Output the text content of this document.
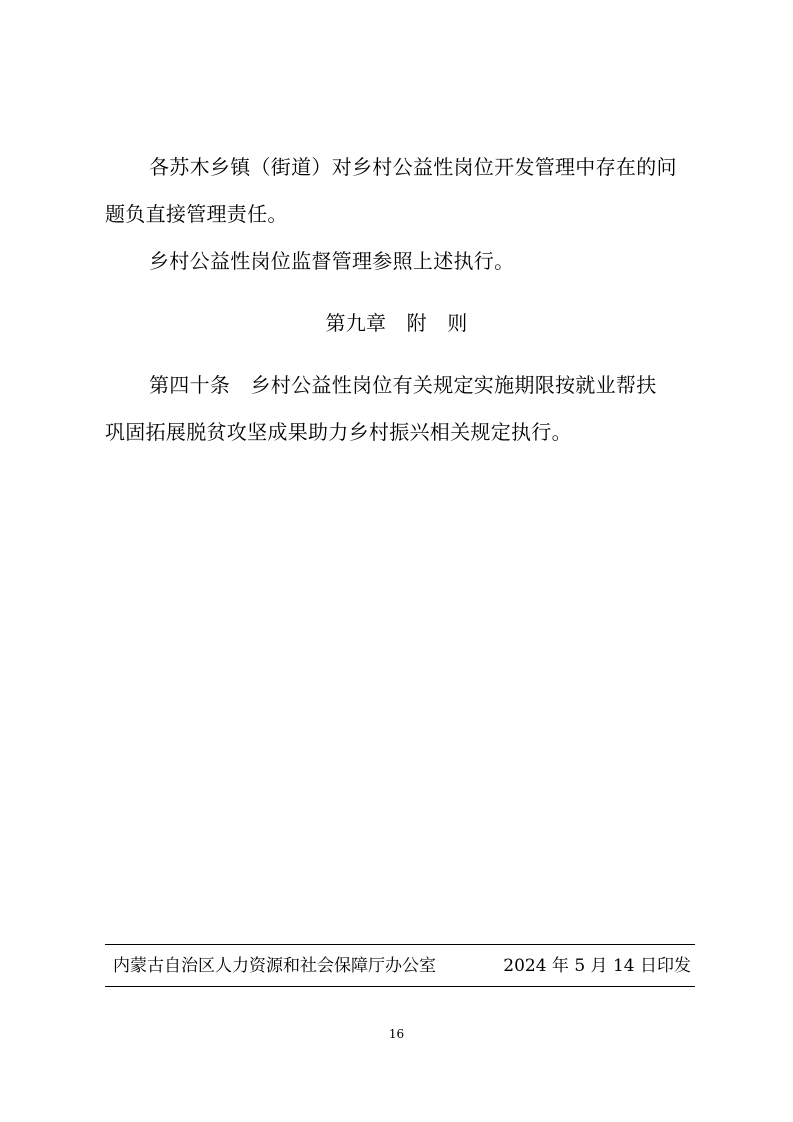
各苏木乡镇（街道）对乡村公益性岗位开发管理中存在的问
题负直接管理责任。

乡村公益性岗位监督管理参照上述执行。

第九章　附　则

第四十条　乡村公益性岗位有关规定实施期限按就业帮扶
巩固拓展脱贫攻坚成果助力乡村振兴相关规定执行。

内蒙古自治区人力资源和社会保障厅办公室	2024 年 5 月 14 日印发
16
